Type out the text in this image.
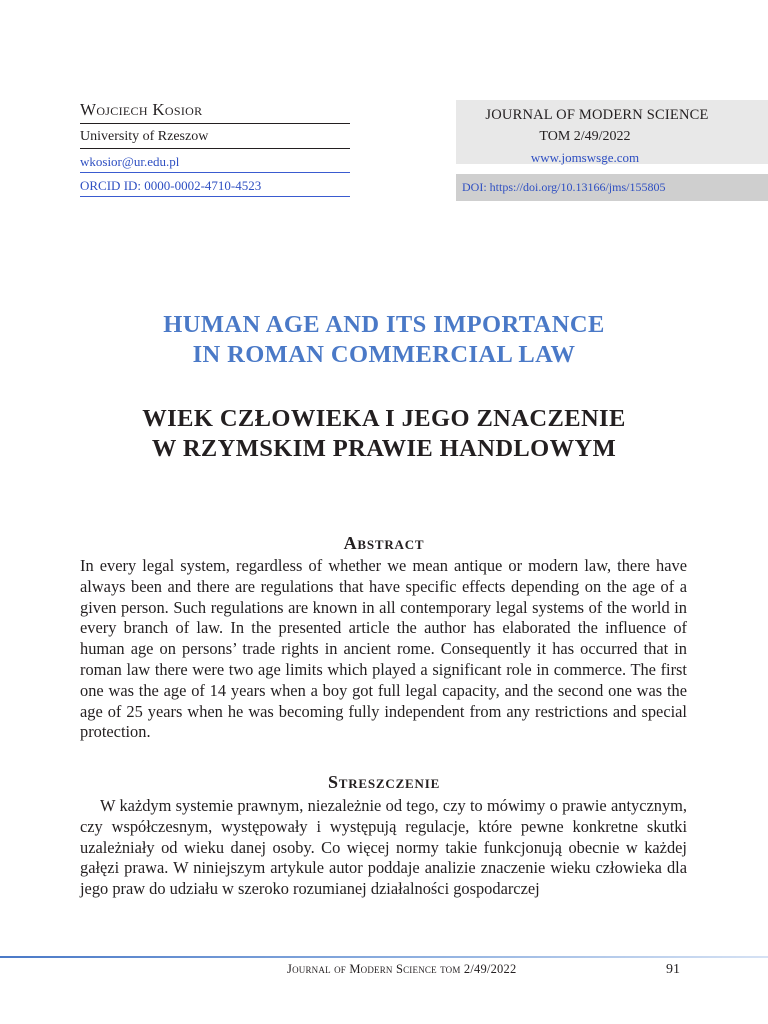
Wojciech Kosior
University of Rzeszow
wkosior@ur.edu.pl
ORCID ID: 0000-0002-4710-4523
JOURNAL OF MODERN SCIENCE
TOM 2/49/2022
www.jomswsge.com
DOI: https://doi.org/10.13166/jms/155805
HUMAN AGE AND ITS IMPORTANCE
IN ROMAN COMMERCIAL LAW
WIEK CZŁOWIEKA I JEGO ZNACZENIE
W RZYMSKIM PRAWIE HANDLOWYM
Abstract

In every legal system, regardless of whether we mean antique or modern law, there have always been and there are regulations that have specific effects depending on the age of a given person. Such regulations are known in all contemporary legal systems of the world in every branch of law. In the presented article the author has elaborated the influence of human age on persons’ trade rights in ancient rome. Consequently it has occurred that in roman law there were two age limits which played a significant role in commerce. The first one was the age of 14 years when a boy got full legal capacity, and the second one was the age of 25 years when he was becoming fully independent from any restrictions and special protection.

Streszczenie

W każdym systemie prawnym, niezależnie od tego, czy to mówimy o prawie antycznym, czy współczesnym, występowały i występują regulacje, które pewne konkretne skutki uzależniały od wieku danej osoby. Co więcej normy takie funkcjonują obecnie w każdej gałęzi prawa. W niniejszym artykule autor poddaje analizie znaczenie wieku człowieka dla jego praw do udziału w szeroko rozumianej działalności gospodarczej

Journal of Modern Science tom 2/49/2022	91
